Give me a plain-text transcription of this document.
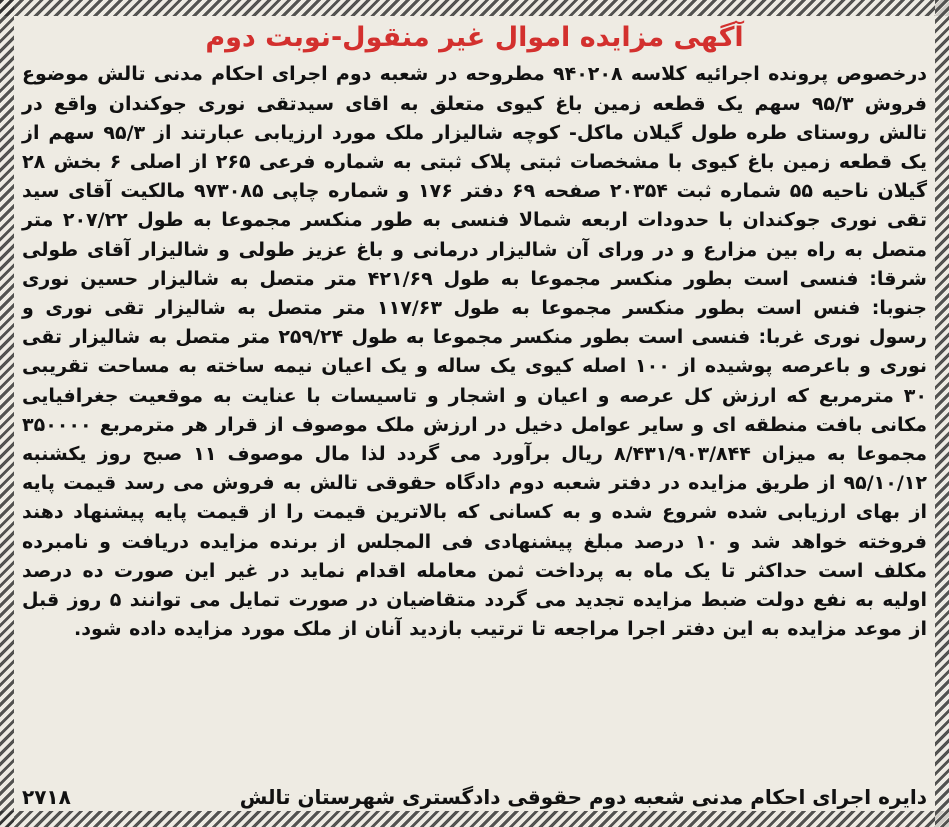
آگهی مزایده اموال غیر منقول-نوبت دوم
درخصوص پرونده اجرائیه کلاسه ۹۴۰۲۰۸ مطروحه در شعبه دوم اجرای احکام مدنی تالش موضوع فروش ۹۵/۳ سهم یک قطعه زمین باغ کیوی متعلق به اقای سیدتقی نوری جوکندان واقع در تالش روستای طره طول گیلان ماکل- کوچه شالیزار ملک مورد ارزیابی عبارتند از ۹۵/۳ سهم از یک قطعه زمین باغ کیوی با مشخصات ثبتی پلاک ثبتی به شماره فرعی ۲۶۵ از اصلی ۶ بخش ۲۸ گیلان ناحیه ۵۵ شماره ثبت ۲۰۳۵۴ صفحه ۶۹ دفتر ۱۷۶ و شماره چاپی ۹۷۳۰۸۵ مالکیت آقای سید تقی نوری جوکندان با حدودات اربعه شمالا فنسی به طور منکسر مجموعا به طول ۲۰۷/۲۲ متر متصل به راه بین مزارع و در ورای آن شالیزار درمانی و باغ عزیز طولی و شالیزار آقای طولی شرقا: فنسی است بطور منکسر مجموعا به طول ۴۲۱/۶۹ متر متصل به شالیزار حسین نوری جنوبا: فنس است بطور منکسر مجموعا به طول ۱۱۷/۶۳ متر متصل به شالیزار تقی نوری و رسول نوری غربا: فنسی است بطور منکسر مجموعا به طول ۲۵۹/۲۴ متر متصل به شالیزار تقی نوری و باعرصه پوشیده از ۱۰۰ اصله کیوی یک ساله و یک اعیان نیمه ساخته به مساحت تقریبی ۳۰ مترمربع که ارزش کل عرصه و اعیان و اشجار و تاسیسات با عنایت به موقعیت جغرافیایی مکانی بافت منطقه ای و سایر عوامل دخیل در ارزش ملک موصوف از قرار هر مترمربع ۳۵۰۰۰۰ مجموعا به میزان ۸/۴۳۱/۹۰۳/۸۴۴ ریال برآورد می گردد لذا مال موصوف ۱۱ صبح روز یکشنبه ۹۵/۱۰/۱۲ از طریق مزایده در دفتر شعبه دوم دادگاه حقوقی تالش به فروش می رسد قیمت پایه از بهای ارزیابی شده شروع شده و به کسانی که بالاترین قیمت را از قیمت پایه پیشنهاد دهند فروخته خواهد شد و ۱۰ درصد مبلغ پیشنهادی فی المجلس از برنده مزایده دریافت و نامبرده مکلف است حداکثر تا یک ماه به پرداخت ثمن معامله اقدام نماید در غیر این صورت ده درصد اولیه به نفع دولت ضبط مزایده تجدید می گردد متقاضیان در صورت تمایل می توانند ۵ روز قبل از موعد مزایده به این دفتر اجرا مراجعه تا ترتیب بازدید آنان از ملک مورد مزایده داده شود.
دایره اجرای احکام مدنی شعبه دوم حقوقی دادگستری شهرستان تالش
۲۷۱۸
